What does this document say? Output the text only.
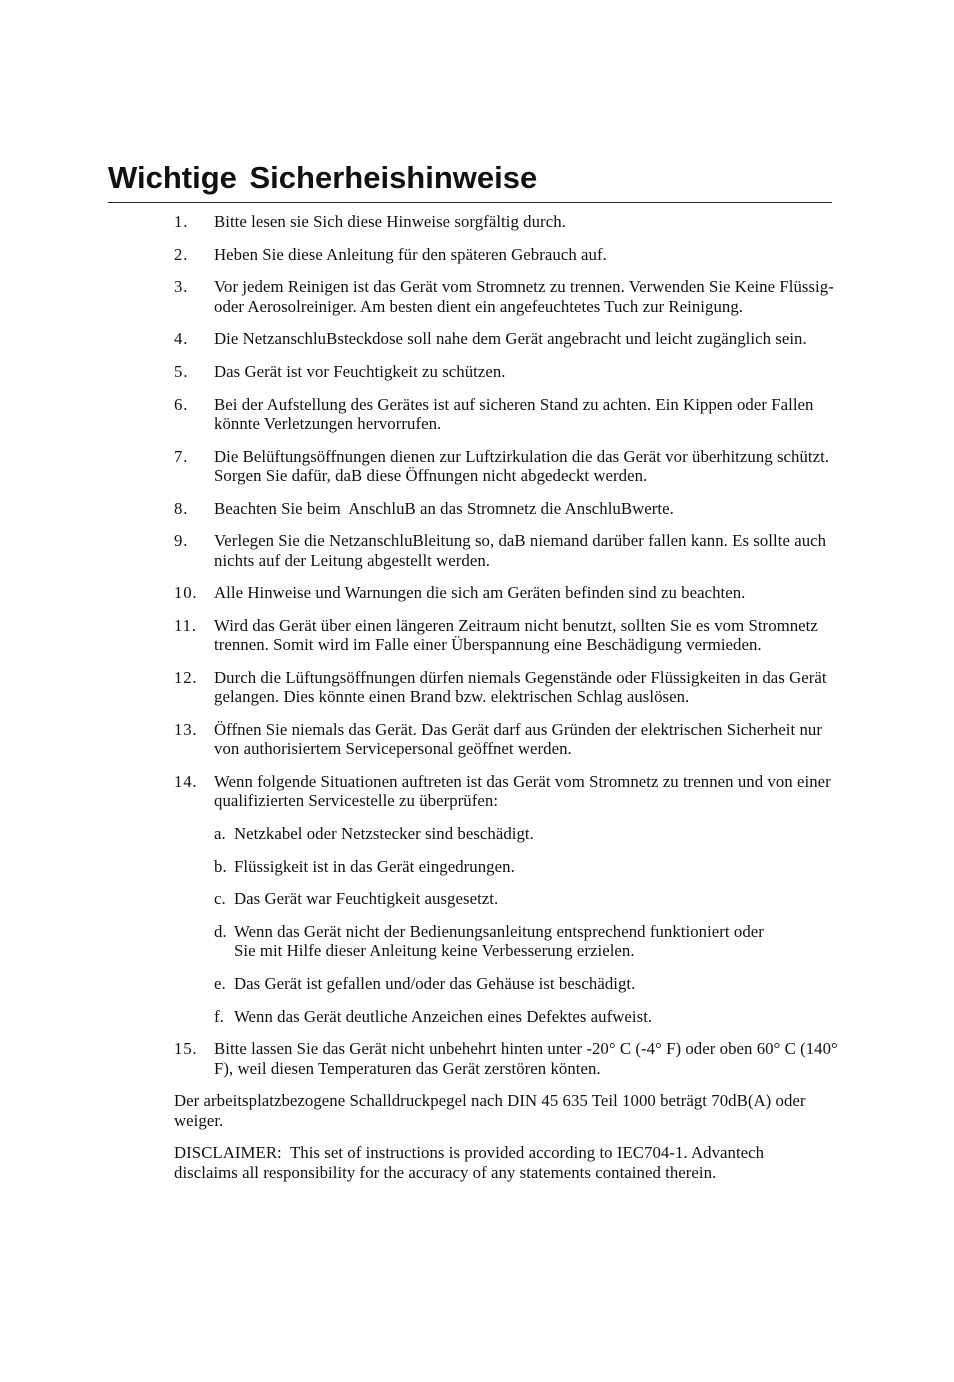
Wichtige Sicherheishinweise
1.	Bitte lesen sie Sich diese Hinweise sorgfältig durch.
2.	Heben Sie diese Anleitung für den späteren Gebrauch auf.
3.	Vor jedem Reinigen ist das Gerät vom Stromnetz zu trennen. Verwenden Sie Keine Flüssig-oder Aerosolreiniger. Am besten dient ein angefeuchtetes Tuch zur Reinigung.
4.	Die NetzanschluBsteckdose soll nahe dem Gerät angebracht und leicht zugänglich sein.
5.	Das Gerät ist vor Feuchtigkeit zu schützen.
6.	Bei der Aufstellung des Gerätes ist auf sicheren Stand zu achten. Ein Kippen oder Fallen könnte Verletzungen hervorrufen.
7.	Die Belüftungsöffnungen dienen zur Luftzirkulation die das Gerät vor überhitzung schützt. Sorgen Sie dafür, daB diese Öffnungen nicht abgedeckt werden.
8.	Beachten Sie beim  AnschluB an das Stromnetz die AnschluBwerte.
9.	Verlegen Sie die NetzanschluBleitung so, daB niemand darüber fallen kann. Es sollte auch nichts auf der Leitung abgestellt werden.
10. Alle Hinweise und Warnungen die sich am Geräten befinden sind zu beachten.
11.	Wird das Gerät über einen längeren Zeitraum nicht benutzt, sollten Sie es vom Stromnetz trennen. Somit wird im Falle einer Überspannung eine Beschädigung vermieden.
12. Durch die Lüftungsöffnungen dürfen niemals Gegenstände oder Flüssigkeiten in das Gerät gelangen. Dies könnte einen Brand bzw. elektrischen Schlag auslösen.
13. Öffnen Sie niemals das Gerät. Das Gerät darf aus Gründen der elektrischen Sicherheit nur von authorisiertem Servicepersonal geöffnet werden.
14. Wenn folgende Situationen auftreten ist das Gerät vom Stromnetz zu trennen und von einer qualifizierten Servicestelle zu überprüfen:
a. Netzkabel oder Netzstecker sind beschädigt.
b. Flüssigkeit ist in das Gerät eingedrungen.
c. Das Gerät war Feuchtigkeit ausgesetzt.
d. Wenn das Gerät nicht der Bedienungsanleitung entsprechend funktioniert oder Sie mit Hilfe dieser Anleitung keine Verbesserung erzielen.
e. Das Gerät ist gefallen und/oder das Gehäuse ist beschädigt.
f. Wenn das Gerät deutliche Anzeichen eines Defektes aufweist.
15. Bitte lassen Sie das Gerät nicht unbehehrt hinten unter -20° C (-4° F) oder oben 60° C (140° F), weil diesen Temperaturen das Gerät zerstören könten.
Der arbeitsplatzbezogene Schalldruckpegel nach DIN 45 635 Teil 1000 beträgt 70dB(A) oder weiger.
DISCLAIMER:  This set of instructions is provided according to IEC704-1. Advantech disclaims all responsibility for the accuracy of any statements contained therein.
